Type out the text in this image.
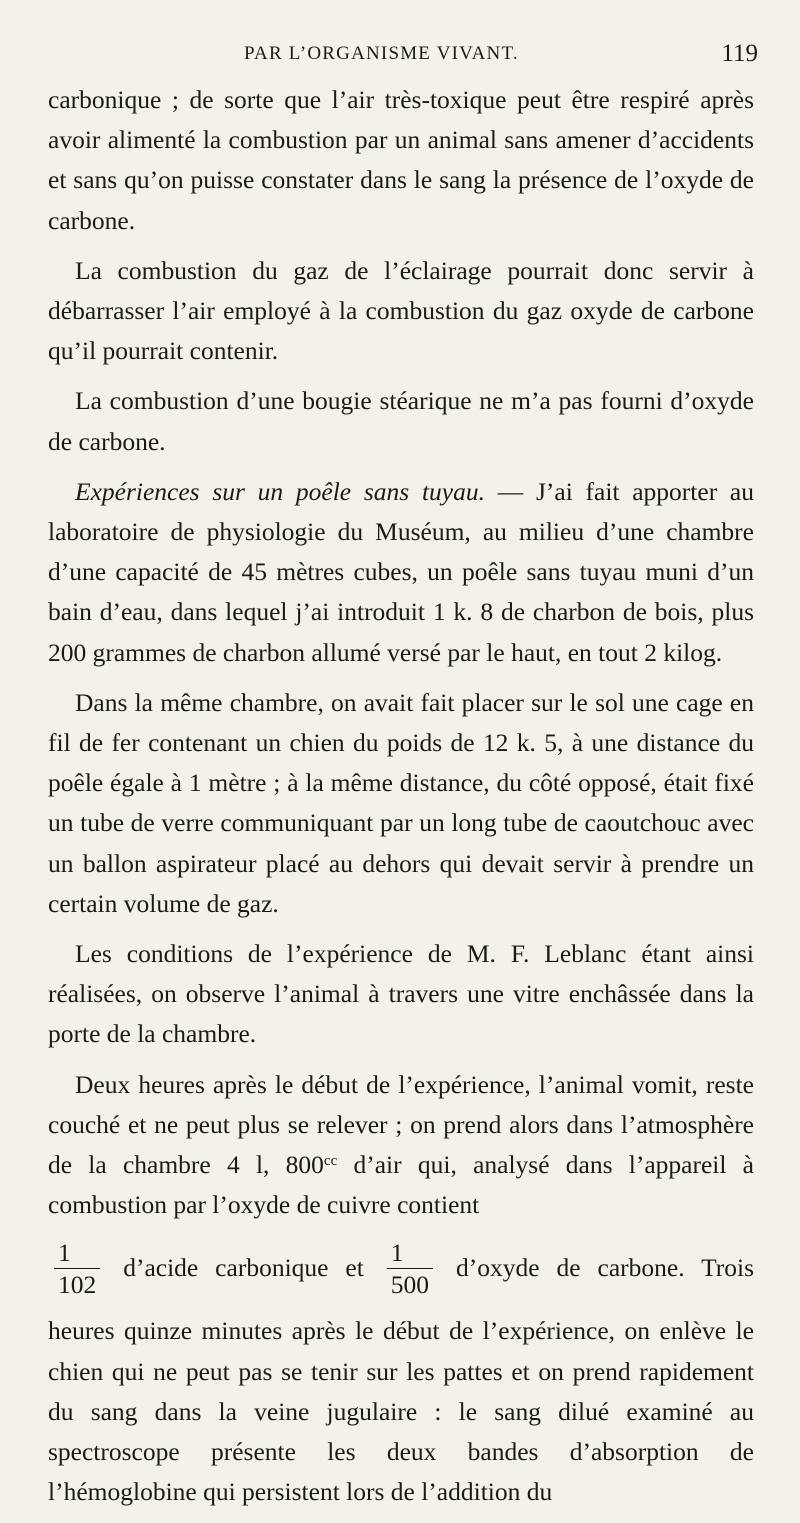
PAR L’ORGANISME VIVANT.	119

carbonique ; de sorte que l’air très-toxique peut être respiré après avoir alimenté la combustion par un animal sans amener d’accidents et sans qu’on puisse constater dans le sang la présence de l’oxyde de carbone.

La combustion du gaz de l’éclairage pourrait donc servir à débarrasser l’air employé à la combustion du gaz oxyde de carbone qu’il pourrait contenir.

La combustion d’une bougie stéarique ne m’a pas fourni d’oxyde de carbone.

Expériences sur un poêle sans tuyau. — J’ai fait apporter au laboratoire de physiologie du Muséum, au milieu d’une chambre d’une capacité de 45 mètres cubes, un poêle sans tuyau muni d’un bain d’eau, dans lequel j’ai introduit 1 k. 8 de charbon de bois, plus 200 grammes de charbon allumé versé par le haut, en tout 2 kilog.

Dans la même chambre, on avait fait placer sur le sol une cage en fil de fer contenant un chien du poids de 12 k. 5, à une distance du poêle égale à 1 mètre ; à la même distance, du côté opposé, était fixé un tube de verre communiquant par un long tube de caoutchouc avec un ballon aspirateur placé au dehors qui devait servir à prendre un certain volume de gaz.

Les conditions de l’expérience de M. F. Leblanc étant ainsi réalisées, on observe l’animal à travers une vitre enchâssée dans la porte de la chambre.

Deux heures après le début de l’expérience, l’animal vomit, reste couché et ne peut plus se relever ; on prend alors dans l’atmosphère de la chambre 4 l, $800^{cc}$ d’air qui, analysé dans l’appareil à combustion par l’oxyde de cuivre contient

$\frac{1}{102}$ d’acide carbonique et $\frac{1}{500}$ d’oxyde de carbone. Trois

heures quinze minutes après le début de l’expérience, on enlève le chien qui ne peut pas se tenir sur les pattes et on prend rapidement du sang dans la veine jugulaire : le sang dilué examiné au spectroscope présente les deux bandes d’absorption de l’hémoglobine qui persistent lors de l’addition du
